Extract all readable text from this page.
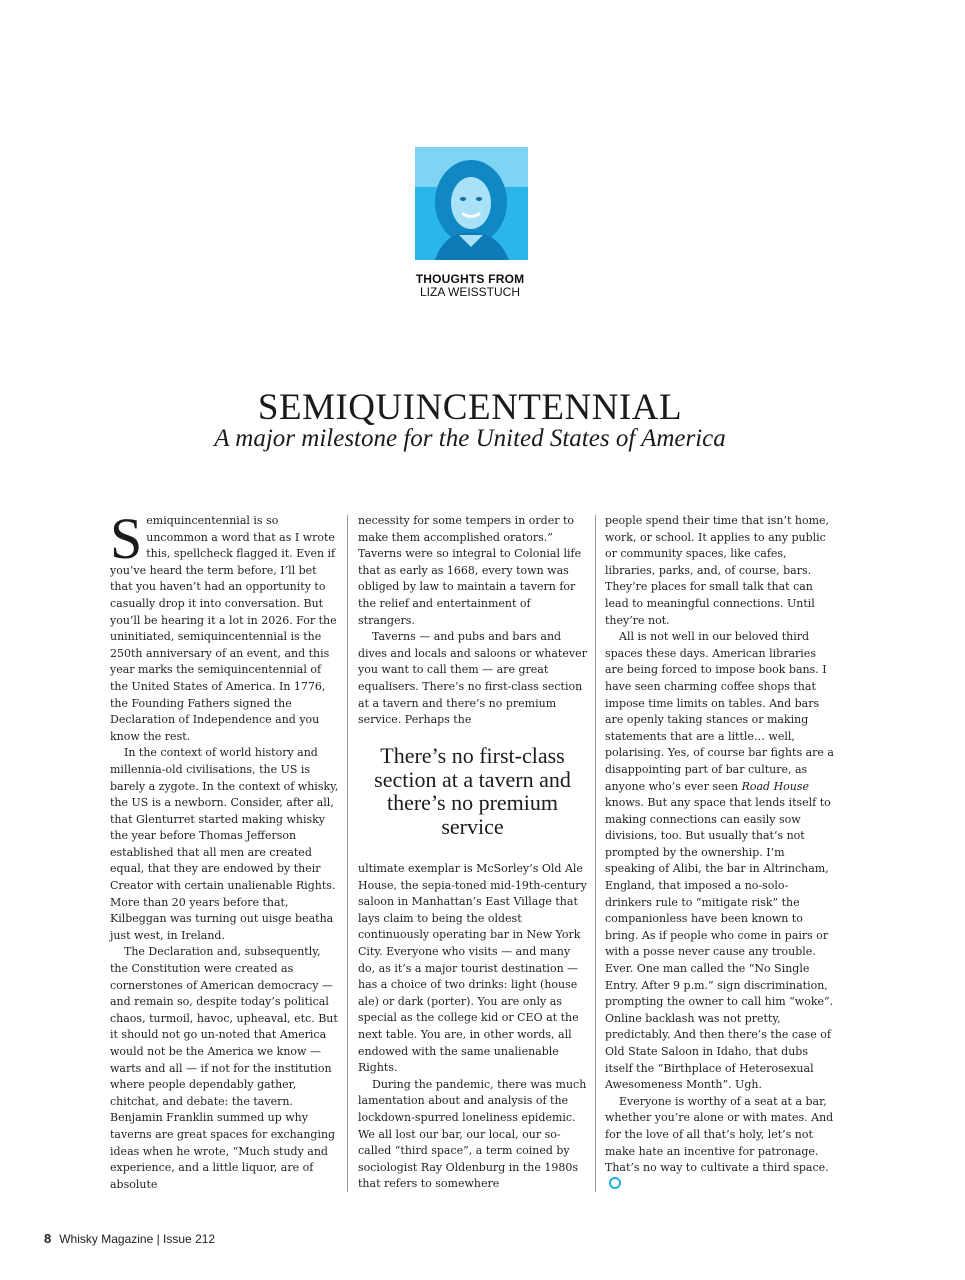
THOUGHTS FROM
LIZA WEISSTUCH
SEMIQUINCENTENNIAL
A major milestone for the United States of America

Semiquincentennial is so uncommon a word that as I wrote this, spellcheck flagged it. Even if you’ve heard the term before, I’ll bet that you haven’t had an opportunity to casually drop it into conversation. But you’ll be hearing it a lot in 2026. For the uninitiated, semiquincentennial is the 250th anniversary of an event, and this year marks the semiquincentennial of the United States of America. In 1776, the Founding Fathers signed the Declaration of Independence and you know the rest.

In the context of world history and millennia-old civilisations, the US is barely a zygote. In the context of whisky, the US is a newborn. Consider, after all, that Glenturret started making whisky the year before Thomas Jefferson established that all men are created equal, that they are endowed by their Creator with certain unalienable Rights. More than 20 years before that, Kilbeggan was turning out uisge beatha just west, in Ireland.

The Declaration and, subsequently, the Constitution were created as cornerstones of American democracy — and remain so, despite today’s political chaos, turmoil, havoc, upheaval, etc. But it should not go un-noted that America would not be the America we know — warts and all — if not for the institution where people dependably gather, chitchat, and debate: the tavern. Benjamin Franklin summed up why taverns are great spaces for exchanging ideas when he wrote, “Much study and experience, and a little liquor, are of absolute

necessity for some tempers in order to make them accomplished orators.” Taverns were so integral to Colonial life that as early as 1668, every town was obliged by law to maintain a tavern for the relief and entertainment of strangers.

Taverns — and pubs and bars and dives and locals and saloons or whatever you want to call them — are great equalisers. There’s no first-class section at a tavern and there’s no premium service. Perhaps the

There’s no first-class section at a tavern and there’s no premium service

ultimate exemplar is McSorley’s Old Ale House, the sepia-toned mid-19th-century saloon in Manhattan’s East Village that lays claim to being the oldest continuously operating bar in New York City. Everyone who visits — and many do, as it’s a major tourist destination — has a choice of two drinks: light (house ale) or dark (porter). You are only as special as the college kid or CEO at the next table. You are, in other words, all endowed with the same unalienable Rights.

During the pandemic, there was much lamentation about and analysis of the lockdown-spurred loneliness epidemic. We all lost our bar, our local, our so-called “third space”, a term coined by sociologist Ray Oldenburg in the 1980s that refers to somewhere

people spend their time that isn’t home, work, or school. It applies to any public or community spaces, like cafes, libraries, parks, and, of course, bars. They’re places for small talk that can lead to meaningful connections. Until they’re not.

All is not well in our beloved third spaces these days. American libraries are being forced to impose book bans. I have seen charming coffee shops that impose time limits on tables. And bars are openly taking stances or making statements that are a little… well, polarising. Yes, of course bar fights are a disappointing part of bar culture, as anyone who’s ever seen Road House knows. But any space that lends itself to making connections can easily sow divisions, too. But usually that’s not prompted by the ownership. I’m speaking of Alibi, the bar in Altrincham, England, that imposed a no-solo-drinkers rule to “mitigate risk” the companionless have been known to bring. As if people who come in pairs or with a posse never cause any trouble. Ever. One man called the “No Single Entry. After 9 p.m.” sign discrimination, prompting the owner to call him “woke”. Online backlash was not pretty, predictably. And then there’s the case of Old State Saloon in Idaho, that dubs itself the “Birthplace of Heterosexual Awesomeness Month”. Ugh.

Everyone is worthy of a seat at a bar, whether you’re alone or with mates. And for the love of all that’s holy, let’s not make hate an incentive for patronage. That’s no way to cultivate a third space.

8 Whisky Magazine | Issue 212
